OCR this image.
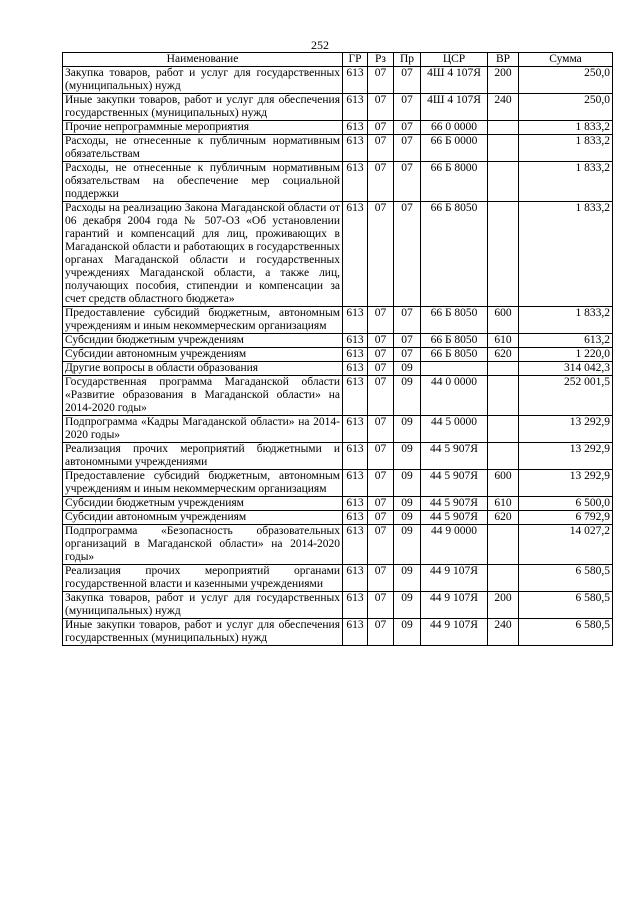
252
Наименование	ГР	Рз	Пр	ЦСР	ВР	Сумма
Закупка товаров, работ и услуг для государственных (муниципальных) нужд	613	07	07	4Ш 4 107Я	200	250,0
Иные закупки товаров, работ и услуг для обеспечения государственных (муниципальных) нужд	613	07	07	4Ш 4 107Я	240	250,0
Прочие непрограммные мероприятия	613	07	07	66 0 0000		1 833,2
Расходы, не отнесенные к публичным нормативным обязательствам	613	07	07	66 Б 0000		1 833,2
Расходы, не отнесенные к публичным нормативным обязательствам на обеспечение мер социальной поддержки	613	07	07	66 Б 8000		1 833,2
Расходы на реализацию Закона Магаданской области от 06 декабря 2004 года № 507-ОЗ «Об установлении гарантий и компенсаций для лиц, проживающих в Магаданской области и работающих в государственных органах Магаданской области и государственных учреждениях Магаданской области, а также лиц, получающих пособия, стипендии и компенсации за счет средств областного бюджета»	613	07	07	66 Б 8050		1 833,2
Предоставление субсидий бюджетным, автономным учреждениям и иным некоммерческим организациям	613	07	07	66 Б 8050	600	1 833,2
Субсидии бюджетным учреждениям	613	07	07	66 Б 8050	610	613,2
Субсидии автономным учреждениям	613	07	07	66 Б 8050	620	1 220,0
Другие вопросы в области образования	613	07	09			314 042,3
Государственная программа Магаданской области «Развитие образования в Магаданской области» на 2014-2020 годы»	613	07	09	44 0 0000		252 001,5
Подпрограмма «Кадры Магаданской области» на 2014-2020 годы»	613	07	09	44 5 0000		13 292,9
Реализация прочих мероприятий бюджетными и автономными учреждениями	613	07	09	44 5 907Я		13 292,9
Предоставление субсидий бюджетным, автономным учреждениям и иным некоммерческим организациям	613	07	09	44 5 907Я	600	13 292,9
Субсидии бюджетным учреждениям	613	07	09	44 5 907Я	610	6 500,0
Субсидии автономным учреждениям	613	07	09	44 5 907Я	620	6 792,9
Подпрограмма «Безопасность образовательных организаций в Магаданской области» на 2014-2020 годы»	613	07	09	44 9 0000		14 027,2
Реализация прочих мероприятий органами государственной власти и казенными учреждениями	613	07	09	44 9 107Я		6 580,5
Закупка товаров, работ и услуг для государственных (муниципальных) нужд	613	07	09	44 9 107Я	200	6 580,5
Иные закупки товаров, работ и услуг для обеспечения государственных (муниципальных) нужд	613	07	09	44 9 107Я	240	6 580,5
